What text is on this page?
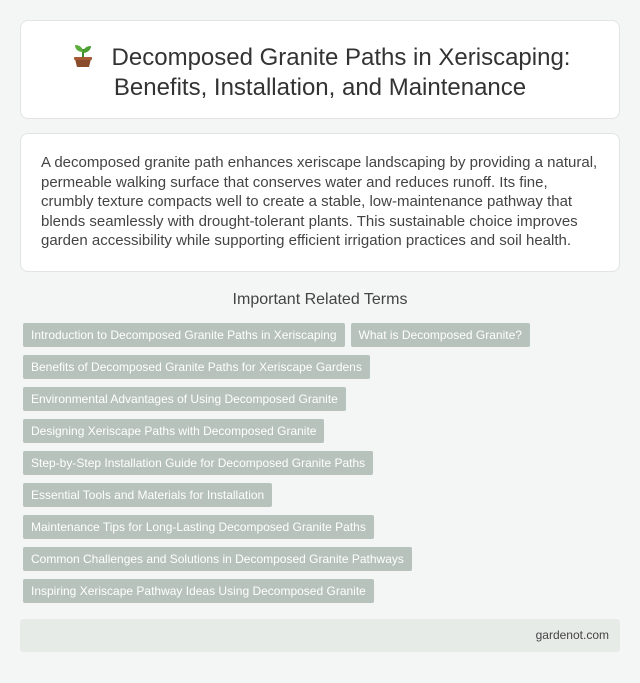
Decomposed Granite Paths in Xeriscaping:
Benefits, Installation, and Maintenance

A decomposed granite path enhances xeriscape landscaping by providing a natural, permeable walking surface that conserves water and reduces runoff. Its fine, crumbly texture compacts well to create a stable, low-maintenance pathway that blends seamlessly with drought-tolerant plants. This sustainable choice improves garden accessibility while supporting efficient irrigation practices and soil health.

Important Related Terms
Introduction to Decomposed Granite Paths in Xeriscaping	What is Decomposed Granite?
Benefits of Decomposed Granite Paths for Xeriscape Gardens
Environmental Advantages of Using Decomposed Granite
Designing Xeriscape Paths with Decomposed Granite
Step-by-Step Installation Guide for Decomposed Granite Paths
Essential Tools and Materials for Installation
Maintenance Tips for Long-Lasting Decomposed Granite Paths
Common Challenges and Solutions in Decomposed Granite Pathways
Inspiring Xeriscape Pathway Ideas Using Decomposed Granite
gardenot.com
